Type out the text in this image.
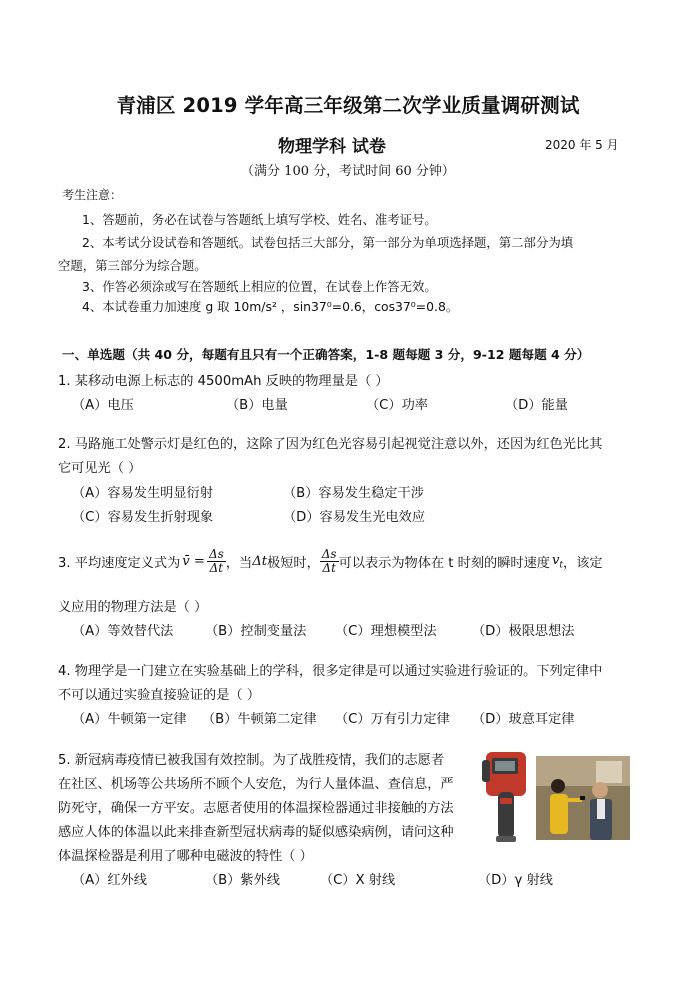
青浦区 2019 学年高三年级第二次学业质量调研测试
物理学科 试卷	2020 年 5 月
（满分 100 分，考试时间 60 分钟）
考生注意：
1、答题前，务必在试卷与答题纸上填写学校、姓名、准考证号。
2、本考试分设试卷和答题纸。试卷包括三大部分，第一部分为单项选择题，第二部分为填
空题，第三部分为综合题。
3、作答必须涂或写在答题纸上相应的位置，在试卷上作答无效。
4、本试卷重力加速度 g 取 10m/s² ，sin37⁰=0.6，cos37⁰=0.8。
一、单选题（共 40 分，每题有且只有一个正确答案，1-8 题每题 3 分，9-12 题每题 4 分）
1. 某移动电源上标志的 4500mAh 反映的物理量是（ ）
（A）电压	（B）电量	（C）功率	（D）能量
2. 马路施工处警示灯是红色的，这除了因为红色光容易引起视觉注意以外，还因为红色光比其
它可见光（ ）
（A）容易发生明显衍射	（B）容易发生稳定干涉
（C）容易发生折射现象	（D）容易发生光电效应
3. 平均速度定义式为 v̄ = $\frac{\Delta s}{\Delta t}$ ，当 Δt 极短时， $\frac{\Delta s}{\Delta t}$ 可以表示为物体在 t 时刻的瞬时速度 $v_t$ ，该定
义应用的物理方法是（ ）
（A）等效替代法 （B）控制变量法 （C）理想模型法	（D）极限思想法
4. 物理学是一门建立在实验基础上的学科，很多定律是可以通过实验进行验证的。下列定律中
不可以通过实验直接验证的是（ ）
（A）牛顿第一定律 （B）牛顿第二定律 （C）万有引力定律 （D）玻意耳定律
5. 新冠病毒疫情已被我国有效控制。为了战胜疫情，我们的志愿者
在社区、机场等公共场所不顾个人安危，为行人量体温、查信息，严
防死守，确保一方平安。志愿者使用的体温探检器通过非接触的方法
感应人体的体温以此来排查新型冠状病毒的疑似感染病例，请问这种
体温探检器是利用了哪种电磁波的特性（ ）
（A）红外线	（B）紫外线	（C）X 射线	（D）γ 射线
